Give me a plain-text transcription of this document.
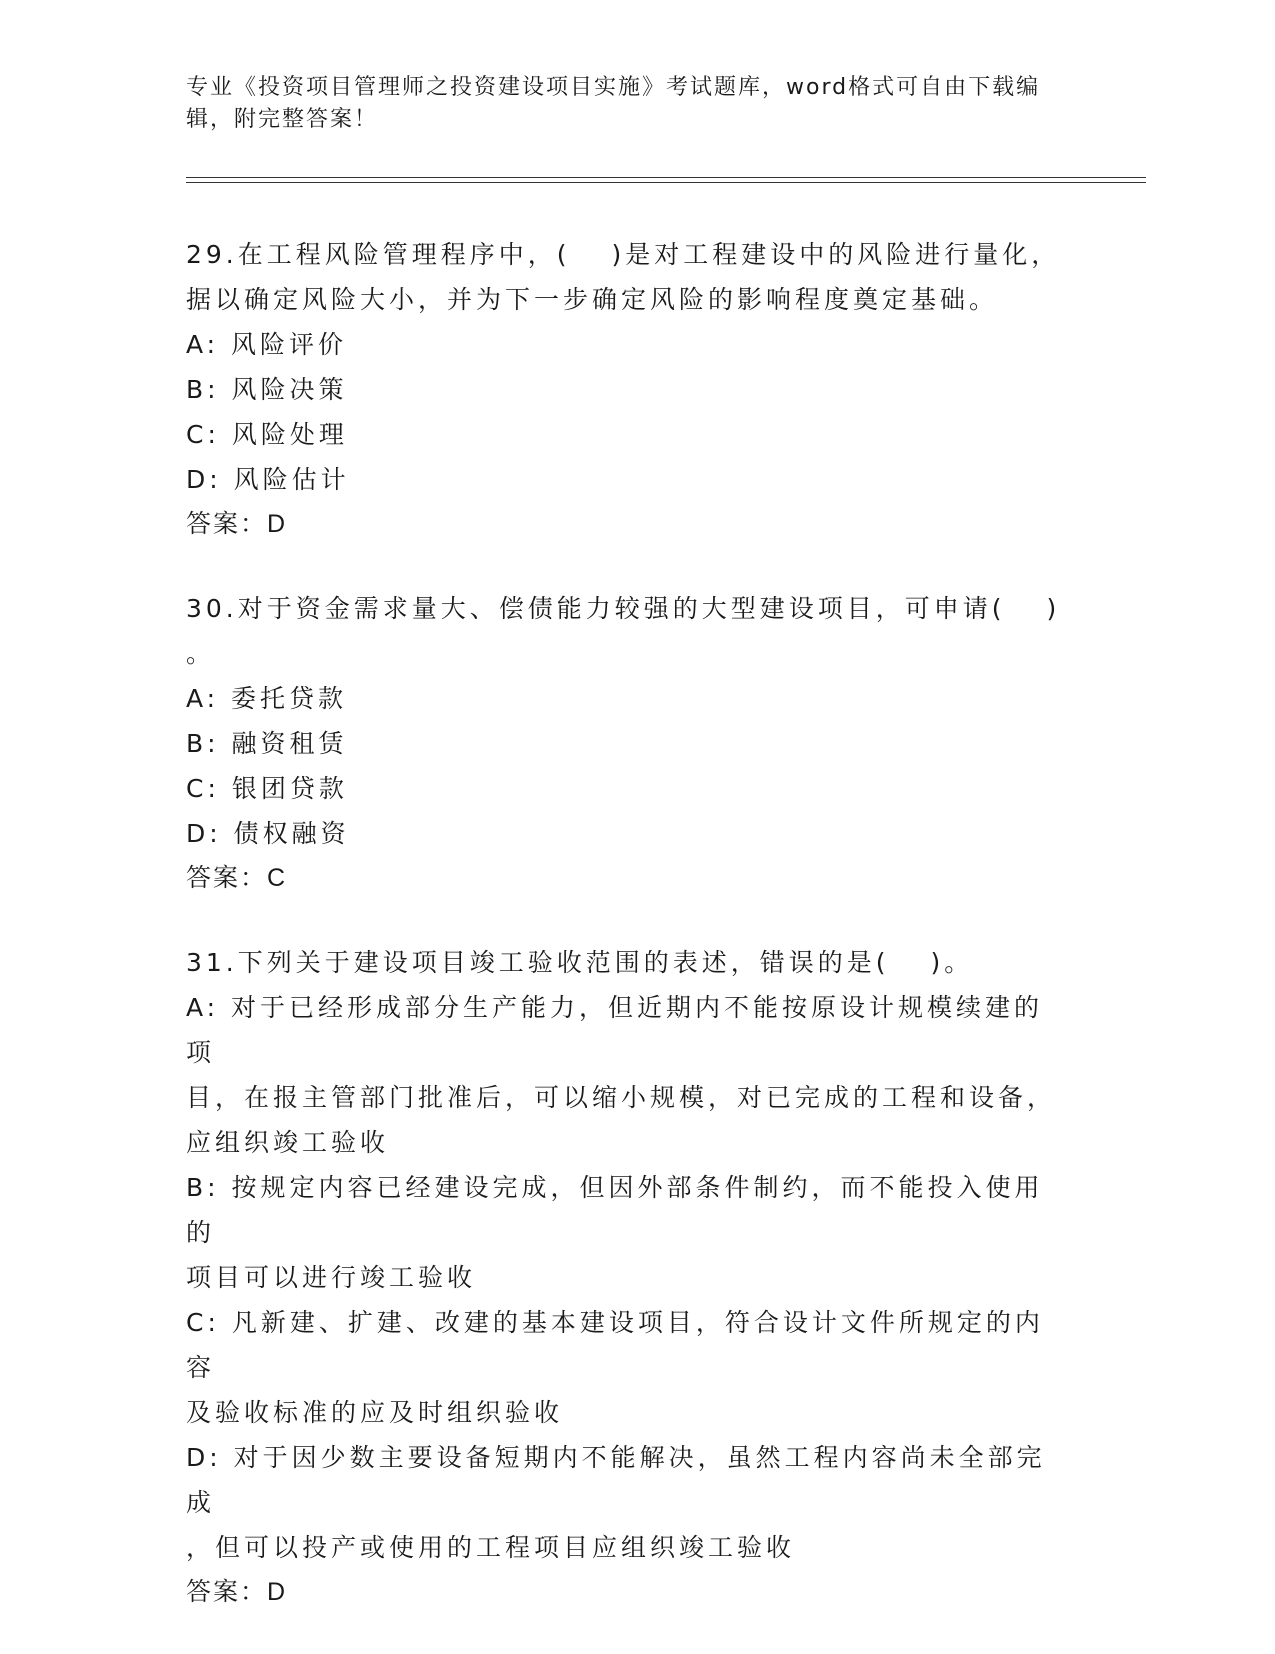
专业《投资项目管理师之投资建设项目实施》考试题库，word格式可自由下载编
辑，附完整答案！

29.在工程风险管理程序中，(　 )是对工程建设中的风险进行量化，

据以确定风险大小，并为下一步确定风险的影响程度奠定基础。

A: 风险评价

B: 风险决策

C: 风险处理

D: 风险估计

答案：D

30.对于资金需求量大、偿债能力较强的大型建设项目，可申请(　 )

。

A: 委托贷款

B: 融资租赁

C: 银团贷款

D: 债权融资

答案：C

31.下列关于建设项目竣工验收范围的表述，错误的是(　 )。

A: 对于已经形成部分生产能力，但近期内不能按原设计规模续建的项

目，在报主管部门批准后，可以缩小规模，对已完成的工程和设备，

应组织竣工验收

B: 按规定内容已经建设完成，但因外部条件制约，而不能投入使用的

项目可以进行竣工验收

C: 凡新建、扩建、改建的基本建设项目，符合设计文件所规定的内容

及验收标准的应及时组织验收

D: 对于因少数主要设备短期内不能解决，虽然工程内容尚未全部完成

，但可以投产或使用的工程项目应组织竣工验收

答案：D
